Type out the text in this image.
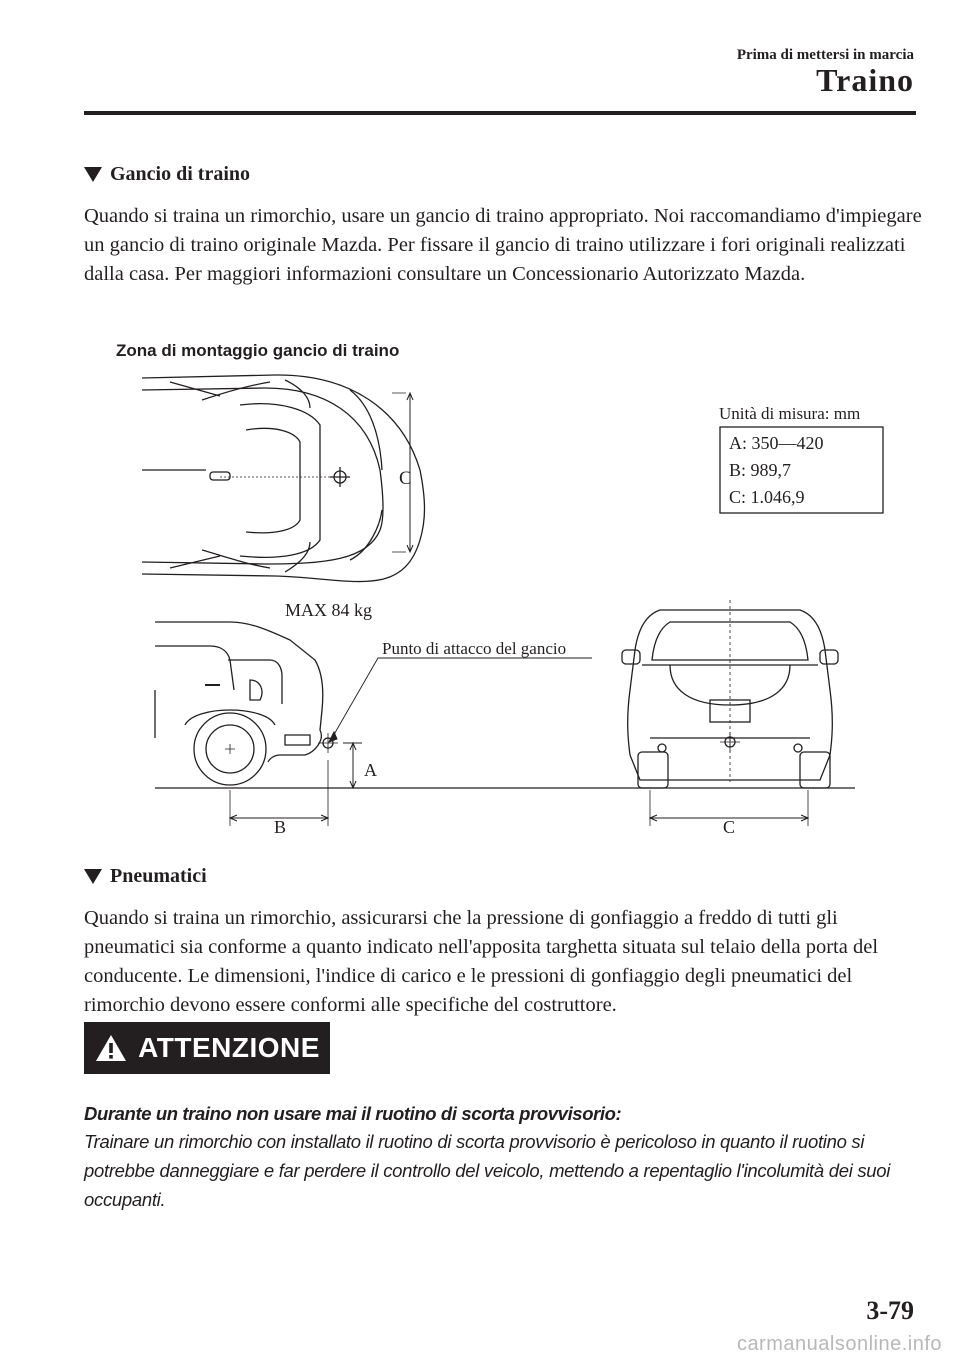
Prima di mettersi in marcia
Traino
Gancio di traino
Quando si traina un rimorchio, usare un gancio di traino appropriato. Noi raccomandiamo d'impiegare un gancio di traino originale Mazda. Per fissare il gancio di traino utilizzare i fori originali realizzati dalla casa. Per maggiori informazioni consultare un Concessionario Autorizzato Mazda.
Zona di montaggio gancio di traino
C
Unità di misura: mm
A: 350—420
B: 989,7
C: 1.046,9
MAX 84 kg
Punto di attacco del gancio
A
B	C
Pneumatici
Quando si traina un rimorchio, assicurarsi che la pressione di gonfiaggio a freddo di tutti gli pneumatici sia conforme a quanto indicato nell'apposita targhetta situata sul telaio della porta del conducente. Le dimensioni, l'indice di carico e le pressioni di gonfiaggio degli pneumatici del rimorchio devono essere conformi alle specifiche del costruttore.
ATTENZIONE
Durante un traino non usare mai il ruotino di scorta provvisorio:
Trainare un rimorchio con installato il ruotino di scorta provvisorio è pericoloso in quanto il ruotino si potrebbe danneggiare e far perdere il controllo del veicolo, mettendo a repentaglio l'incolumità dei suoi occupanti.
3-79
carmanualsonline.info
